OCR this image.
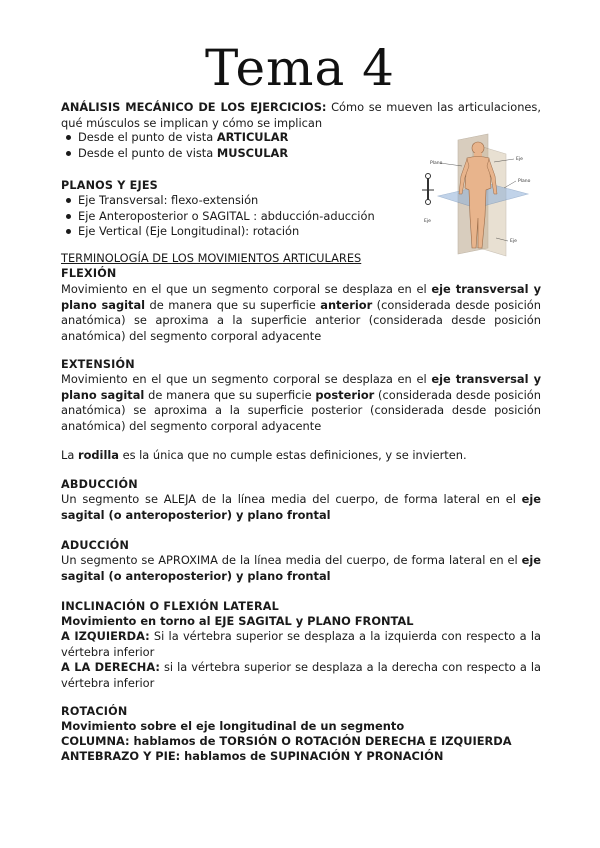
Tema 4
ANÁLISIS MECÁNICO DE LOS EJERCICIOS: Cómo se mueven las articulaciones, qué músculos se implican y cómo se implican
Desde el punto de vista ARTICULAR
Desde el punto de vista MUSCULAR
Plano
Eje
Plano
Eje
Eje
PLANOS Y EJES
Eje Transversal: flexo-extensión
Eje Anteroposterior o SAGITAL : abducción-aducción
Eje Vertical (Eje Longitudinal): rotación
TERMINOLOGÍA DE LOS MOVIMIENTOS ARTICULARES
FLEXIÓN
Movimiento en el que un segmento corporal se desplaza en el eje transversal y plano sagital de manera que su superficie anterior (considerada desde posición anatómica) se aproxima a la superficie anterior (considerada desde posición anatómica) del segmento corporal adyacente
EXTENSIÓN
Movimiento en el que un segmento corporal se desplaza en el eje transversal y plano sagital de manera que su superficie posterior (considerada desde posición anatómica) se aproxima a la superficie posterior (considerada desde posición anatómica) del segmento corporal adyacente
La rodilla es la única que no cumple estas definiciones, y se invierten.
ABDUCCIÓN
Un segmento se ALEJA de la línea media del cuerpo, de forma lateral en el eje sagital (o anteroposterior) y plano frontal
ADUCCIÓN
Un segmento se APROXIMA de la línea media del cuerpo, de forma lateral en el eje sagital (o anteroposterior) y plano frontal
INCLINACIÓN O FLEXIÓN LATERAL
Movimiento en torno al EJE SAGITAL y PLANO FRONTAL
A IZQUIERDA: Si la vértebra superior se desplaza a la izquierda con respecto a la vértebra inferior
A LA DERECHA: si la vértebra superior se desplaza a la derecha con respecto a la vértebra inferior
ROTACIÓN
Movimiento sobre el eje longitudinal de un segmento
COLUMNA: hablamos de TORSIÓN O ROTACIÓN DERECHA E IZQUIERDA
ANTEBRAZO Y PIE: hablamos de SUPINACIÓN Y PRONACIÓN
